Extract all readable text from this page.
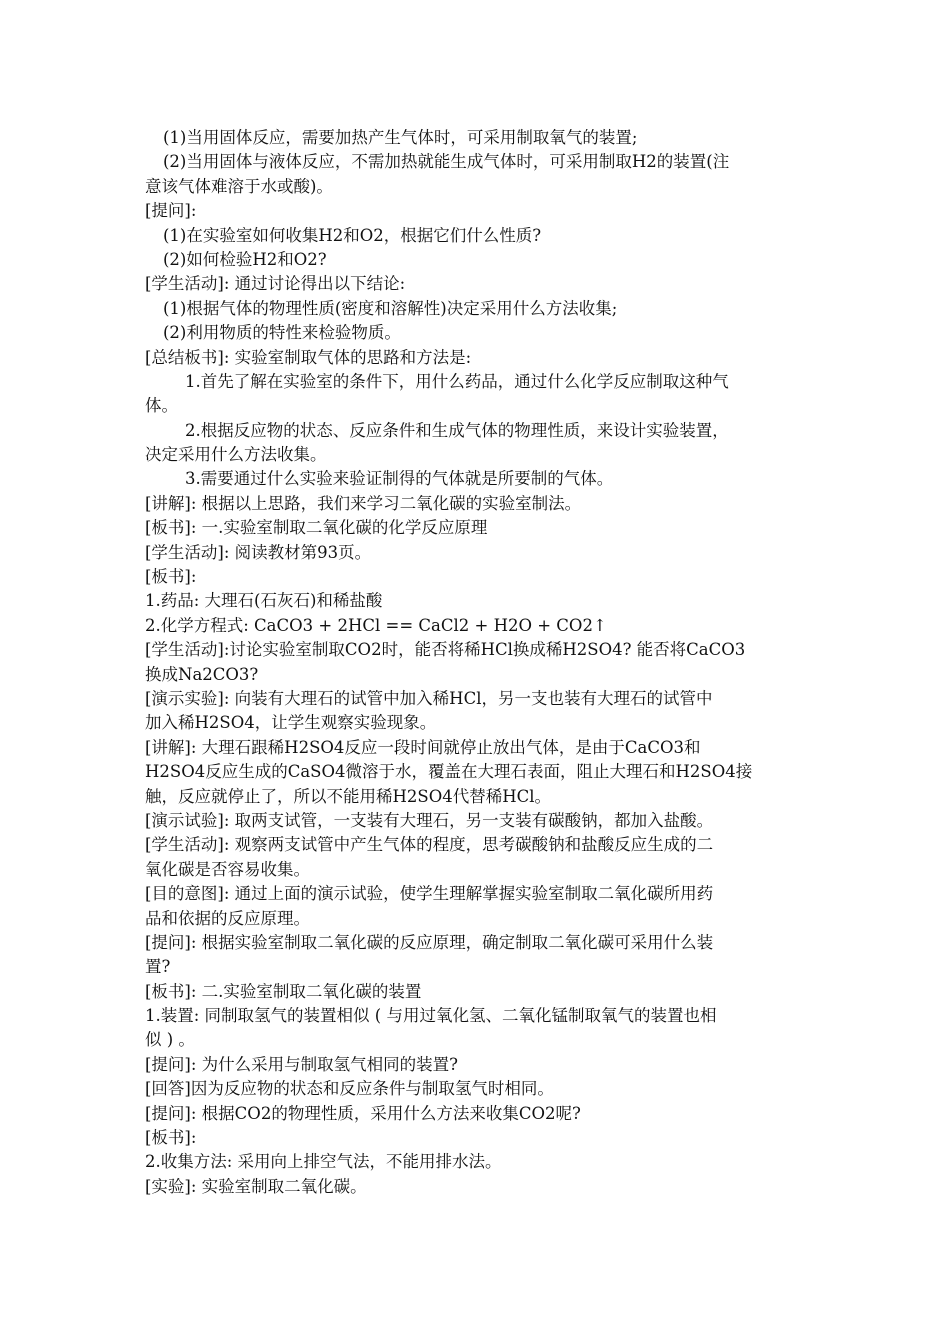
(1)当用固体反应，需要加热产生气体时，可采用制取氧气的装置;
(2)当用固体与液体反应，不需加热就能生成气体时，可采用制取H2的装置(注
意该气体难溶于水或酸)。
[提问]:
(1)在实验室如何收集H2和O2，根据它们什么性质?
(2)如何检验H2和O2?
[学生活动]: 通过讨论得出以下结论:
(1)根据气体的物理性质(密度和溶解性)决定采用什么方法收集;
(2)利用物质的特性来检验物质。
[总结板书]: 实验室制取气体的思路和方法是:
1.首先了解在实验室的条件下，用什么药品，通过什么化学反应制取这种气
体。
2.根据反应物的状态、反应条件和生成气体的物理性质，来设计实验装置，
决定采用什么方法收集。
3.需要通过什么实验来验证制得的气体就是所要制的气体。
[讲解]: 根据以上思路，我们来学习二氧化碳的实验室制法。
[板书]: 一.实验室制取二氧化碳的化学反应原理
[学生活动]: 阅读教材第93页。
[板书]:
1.药品: 大理石(石灰石)和稀盐酸
2.化学方程式: CaCO3 + 2HCl == CaCl2 + H2O + CO2↑
[学生活动]:讨论实验室制取CO2时，能否将稀HCl换成稀H2SO4? 能否将CaCO3
换成Na2CO3?
[演示实验]: 向装有大理石的试管中加入稀HCl，另一支也装有大理石的试管中
加入稀H2SO4，让学生观察实验现象。
[讲解]: 大理石跟稀H2SO4反应一段时间就停止放出气体，是由于CaCO3和
H2SO4反应生成的CaSO4微溶于水，覆盖在大理石表面，阻止大理石和H2SO4接
触，反应就停止了，所以不能用稀H2SO4代替稀HCl。
[演示试验]: 取两支试管，一支装有大理石，另一支装有碳酸钠，都加入盐酸。
[学生活动]: 观察两支试管中产生气体的程度，思考碳酸钠和盐酸反应生成的二
氧化碳是否容易收集。
[目的意图]: 通过上面的演示试验，使学生理解掌握实验室制取二氧化碳所用药
品和依据的反应原理。
[提问]: 根据实验室制取二氧化碳的反应原理，确定制取二氧化碳可采用什么装
置?
[板书]: 二.实验室制取二氧化碳的装置
1.装置: 同制取氢气的装置相似 ( 与用过氧化氢、二氧化锰制取氧气的装置也相
似 ) 。
[提问]: 为什么采用与制取氢气相同的装置?
[回答]因为反应物的状态和反应条件与制取氢气时相同。
[提问]: 根据CO2的物理性质，采用什么方法来收集CO2呢?
[板书]:
2.收集方法: 采用向上排空气法，不能用排水法。
[实验]: 实验室制取二氧化碳。
